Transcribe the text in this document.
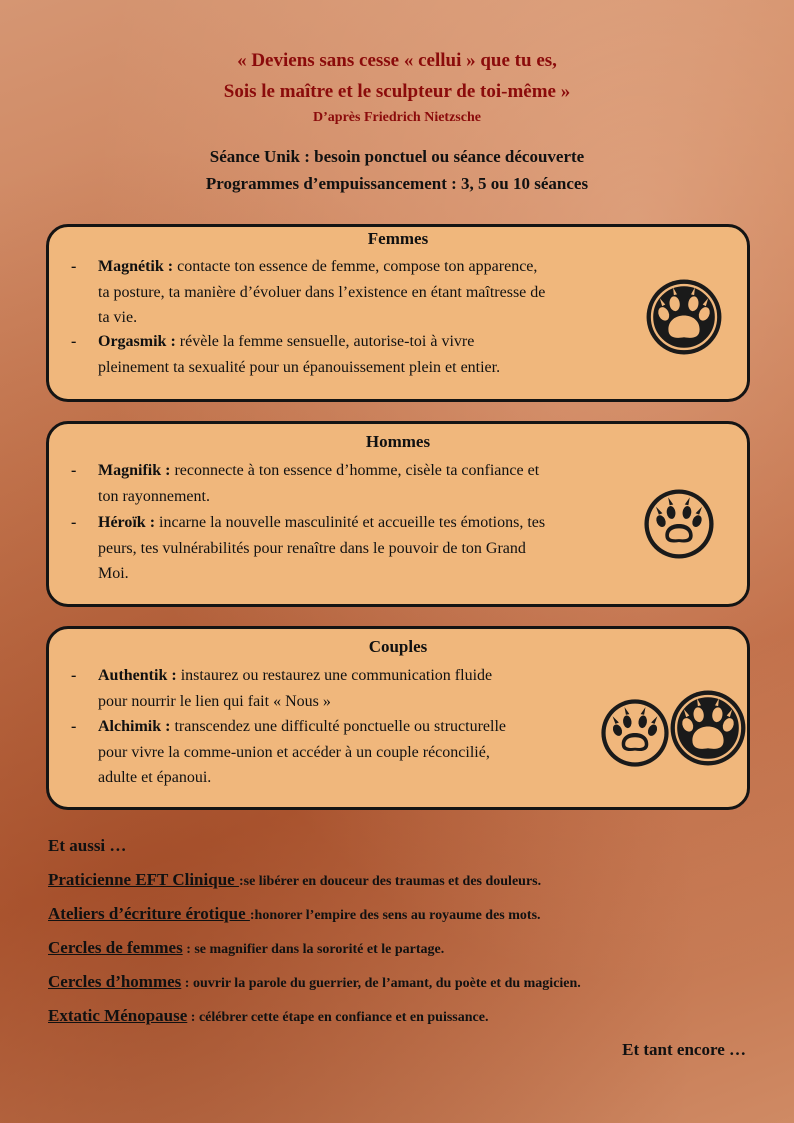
« Deviens sans cesse « cellui » que tu es,
Sois le maître et le sculpteur de toi-même »
D’après Friedrich Nietzsche
Séance Unik : besoin ponctuel ou séance découverte
Programmes d’empuissancement : 3, 5 ou 10 séances
Femmes
- Magnétik : contacte ton essence de femme, compose ton apparence,
ta posture, ta manière d’évoluer dans l’existence en étant maîtresse de
ta vie.
- Orgasmik : révèle la femme sensuelle, autorise-toi à vivre
pleinement ta sexualité pour un épanouissement plein et entier.
Hommes
- Magnifik : reconnecte à ton essence d’homme, cisèle ta confiance et
ton rayonnement.
- Héroïk : incarne la nouvelle masculinité et accueille tes émotions, tes
peurs, tes vulnérabilités pour renaître dans le pouvoir de ton Grand
Moi.
Couples
- Authentik : instaurez ou restaurez une communication fluide
pour nourrir le lien qui fait « Nous »
- Alchimik : transcendez une difficulté ponctuelle ou structurelle
pour vivre la comme-union et accéder à un couple réconcilié,
adulte et épanoui.
Et aussi …
Praticienne EFT Clinique :se libérer en douceur des traumas et des douleurs.
Ateliers d’écriture érotique :honorer l’empire des sens au royaume des mots.
Cercles de femmes : se magnifier dans la sororité et le partage.
Cercles d’hommes : ouvrir la parole du guerrier, de l’amant, du poète et du magicien.
Extatic Ménopause : célébrer cette étape en confiance et en puissance.
Et tant encore …
